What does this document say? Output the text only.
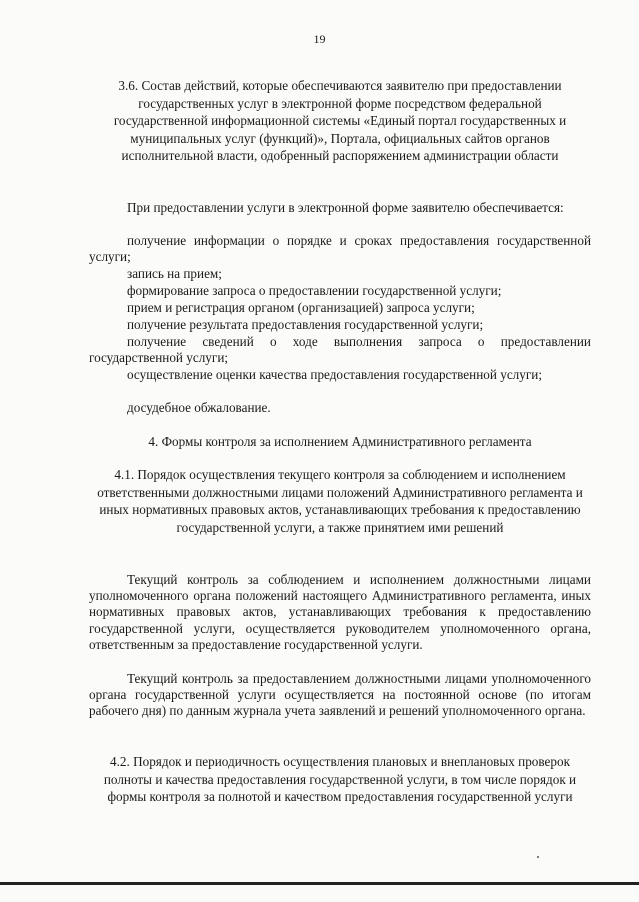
19
3.6. Состав действий, которые обеспечиваются заявителю при предоставлении государственных услуг в электронной форме посредством федеральной государственной информационной системы «Единый портал государственных и муниципальных услуг (функций)», Портала, официальных сайтов органов исполнительной власти, одобренный распоряжением администрации области
При предоставлении услуги в электронной форме заявителю обеспечивается:
получение информации о порядке и сроках предоставления государственной услуги;
запись на прием;
формирование запроса о предоставлении государственной услуги;
прием и регистрация органом (организацией) запроса услуги;
получение результата предоставления государственной услуги;
получение сведений о ходе выполнения запроса о предоставлении государственной услуги;
осуществление оценки качества предоставления государственной услуги;
досудебное обжалование.
4. Формы контроля за исполнением Административного регламента
4.1. Порядок осуществления текущего контроля за соблюдением и исполнением ответственными должностными лицами положений Административного регламента и иных нормативных правовых актов, устанавливающих требования к предоставлению государственной услуги, а также принятием ими решений
Текущий контроль за соблюдением и исполнением должностными лицами уполномоченного органа положений настоящего Административного регламента, иных нормативных правовых актов, устанавливающих требования к предоставлению государственной услуги, осуществляется руководителем уполномоченного органа, ответственным за предоставление государственной услуги.
Текущий контроль за предоставлением должностными лицами уполномоченного органа государственной услуги осуществляется на постоянной основе (по итогам рабочего дня) по данным журнала учета заявлений и решений уполномоченного органа.
4.2. Порядок и периодичность осуществления плановых и внеплановых проверок полноты и качества предоставления государственной услуги, в том числе порядок и формы контроля за полнотой и качеством предоставления государственной услуги
